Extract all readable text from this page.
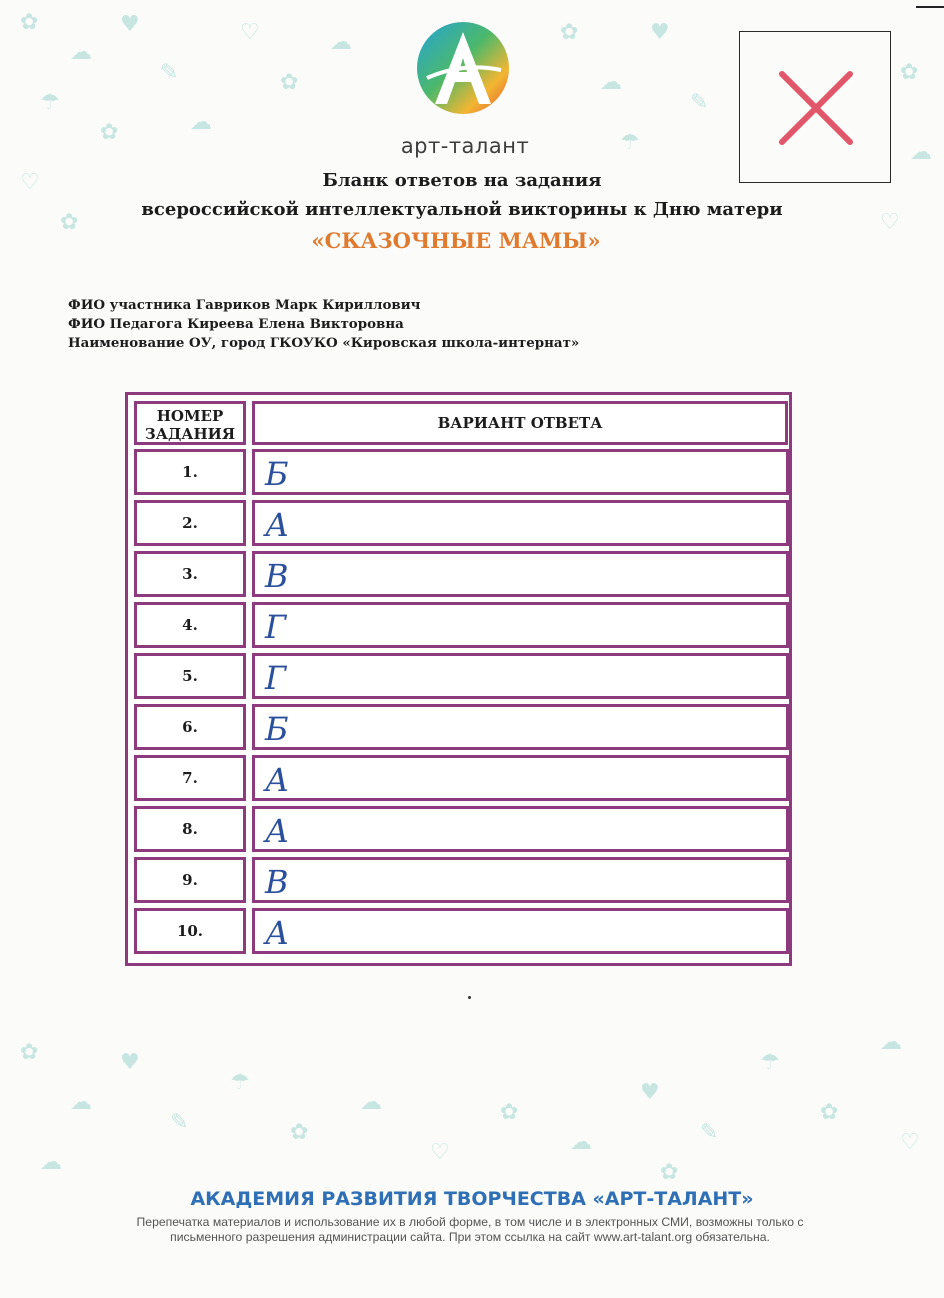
✿
☁
♥
✎
☂
✿	☁
♡
✿
☁	✿
☁
♥
✎
☂
✿
☁
♡
✿	♡
✿
☁
♥
✎
☂
✿
☁
♡
✿
☁
♥
✎
☂
✿
☁
♡
☁	✿
арт-талант
Бланк ответов на задания
всероссийской интеллектуальной викторины к Дню матери
«СКАЗОЧНЫЕ МАМЫ»
ФИО участника Гавриков Марк Кириллович
ФИО Педагога Киреева Елена Викторовна
Наименование ОУ, город ГКОУКО «Кировская школа-интернат»
НОМЕР
ЗАДАНИЯ
ВАРИАНТ ОТВЕТА
1.	Б
2.	А
3.	В
4.	Г
5.	Г
6.	Б
7.	А
8.	А
9.	В
10.	А
АКАДЕМИЯ РАЗВИТИЯ ТВОРЧЕСТВА «АРТ-ТАЛАНТ»
Перепечатка материалов и использование их в любой форме, в том числе и в электронных СМИ, возможны только с
письменного разрешения администрации сайта. При этом ссылка на сайт www.art-talant.org обязательна.
